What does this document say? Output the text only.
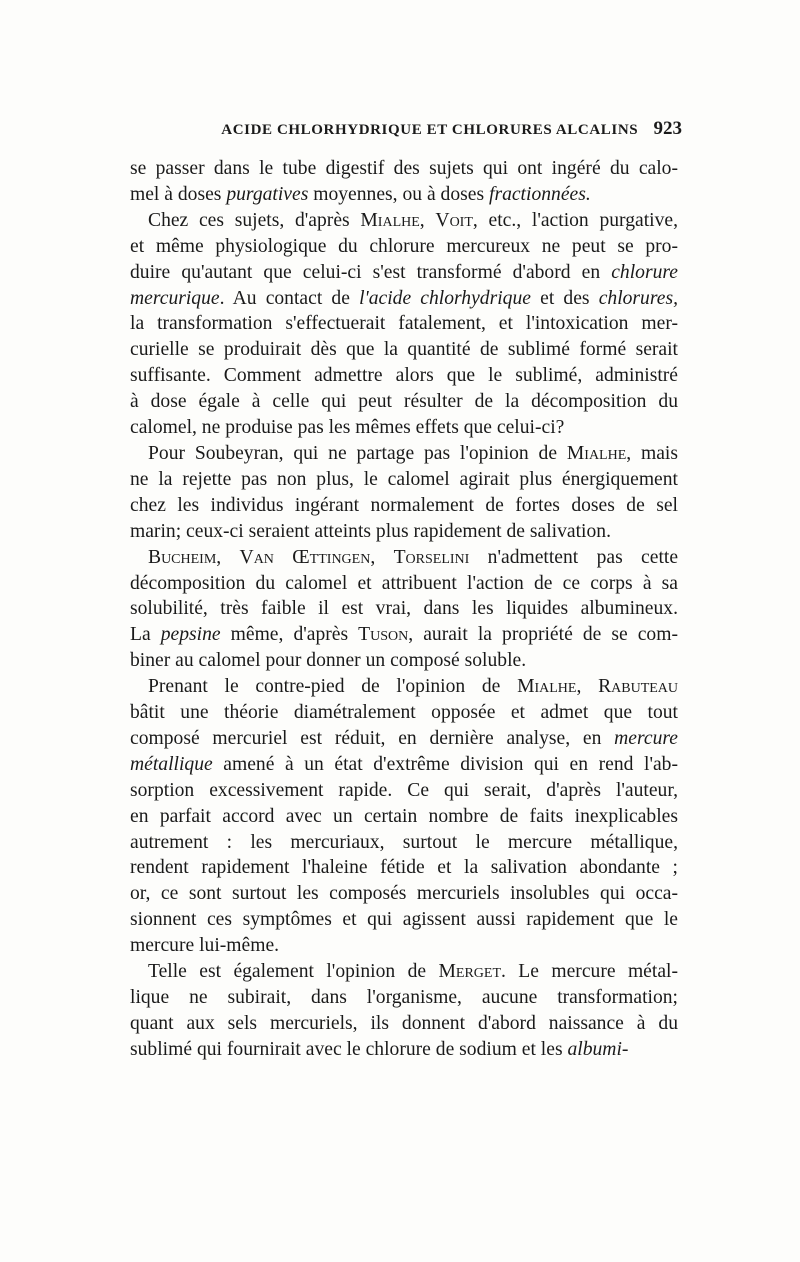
ACIDE CHLORHYDRIQUE ET CHLORURES ALCALINS 923
se passer dans le tube digestif des sujets qui ont ingéré du calo-
mel à doses purgatives moyennes, ou à doses fractionnées.
Chez ces sujets, d'après Mialhe, Voit, etc., l'action purgative,
et même physiologique du chlorure mercureux ne peut se pro-
duire qu'autant que celui-ci s'est transformé d'abord en chlorure
mercurique. Au contact de l'acide chlorhydrique et des chlorures,
la transformation s'effectuerait fatalement, et l'intoxication mer-
curielle se produirait dès que la quantité de sublimé formé serait
suffisante. Comment admettre alors que le sublimé, administré
à dose égale à celle qui peut résulter de la décomposition du
calomel, ne produise pas les mêmes effets que celui-ci?
Pour Soubeyran, qui ne partage pas l'opinion de Mialhe, mais
ne la rejette pas non plus, le calomel agirait plus énergiquement
chez les individus ingérant normalement de fortes doses de sel
marin; ceux-ci seraient atteints plus rapidement de salivation.
Bucheim, Van Œttingen, Torselini n'admettent pas cette
décomposition du calomel et attribuent l'action de ce corps à sa
solubilité, très faible il est vrai, dans les liquides albumineux.
La pepsine même, d'après Tuson, aurait la propriété de se com-
biner au calomel pour donner un composé soluble.
Prenant le contre-pied de l'opinion de Mialhe, Rabuteau
bâtit une théorie diamétralement opposée et admet que tout
composé mercuriel est réduit, en dernière analyse, en mercure
métallique amené à un état d'extrême division qui en rend l'ab-
sorption excessivement rapide. Ce qui serait, d'après l'auteur,
en parfait accord avec un certain nombre de faits inexplicables
autrement : les mercuriaux, surtout le mercure métallique,
rendent rapidement l'haleine fétide et la salivation abondante ;
or, ce sont surtout les composés mercuriels insolubles qui occa-
sionnent ces symptômes et qui agissent aussi rapidement que le
mercure lui-même.
Telle est également l'opinion de Merget. Le mercure métal-
lique ne subirait, dans l'organisme, aucune transformation;
quant aux sels mercuriels, ils donnent d'abord naissance à du
sublimé qui fournirait avec le chlorure de sodium et les albumi-
